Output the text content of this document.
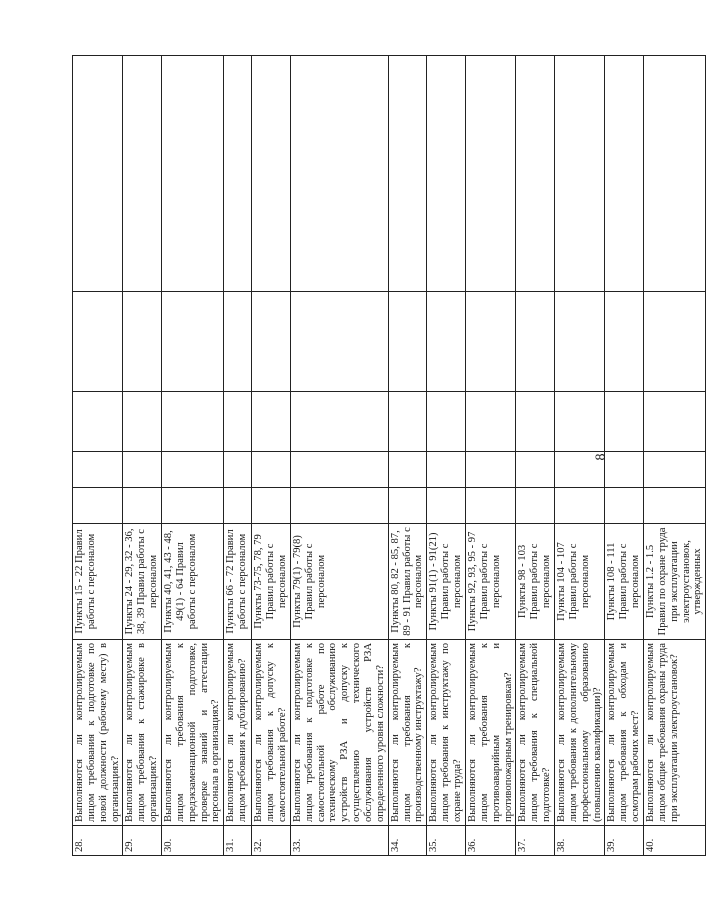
8
28.	Выполняются ли контролируемым лицом требования к подготовке по новой должности (рабочему месту) в организациях?	Пункты 15 - 22 Правил работы с персоналом					
29.	Выполняются ли контролируемым лицом требования к стажировке в организациях?	Пункты 24 - 29, 32 - 36, 38, 39 Правил работы с персоналом					
30.	Выполняются ли контролируемым лицом требования к предэкзаменационной подготовке, проверке знаний и аттестации персонала в организациях?	Пункты 40, 41, 43 - 48, 49(1) - 64 Правил работы с персоналом					
31.	Выполняются ли контролируемым лицом требования к дублированию?	Пункты 66 - 72 Правил работы с персоналом					
32.	Выполняются ли контролируемым лицом требования к допуску к самостоятельной работе?	Пункты 73-75, 78, 79 Правил работы с персоналом					
33.	Выполняются ли контролируемым лицом требования к подготовке к самостоятельной работе по техническому обслуживанию устройств РЗА и допуску к осуществлению технического обслуживания устройств РЗА определенного уровня сложности?	Пункты 79(1) - 79(8) Правил работы с персоналом					
34.	Выполняются ли контролируемым лицом требования к производственному инструктажу?	Пункты 80, 82 - 85, 87, 89 - 91 Правил работы с персоналом					
35.	Выполняются ли контролируемым лицом требования к инструктажу по охране труда?	Пункты 91(1) - 91(21) Правил работы с персоналом					
36.	Выполняются ли контролируемым лицом требования к противоаварийным и противопожарным тренировкам?	Пункты 92, 93, 95 - 97 Правил работы с персоналом					
37.	Выполняются ли контролируемым лицом требования к специальной подготовке?	Пункты 98 - 103 Правил работы с персоналом					
38.	Выполняются ли контролируемым лицом требования к дополнительному профессиональному образованию (повышению квалификации)?	Пункты 104 - 107 Правил работы с персоналом					
39.	Выполняются ли контролируемым лицом требования к обходам и осмотрам рабочих мест?	Пункты 108 - 111 Правил работы с персоналом					
40.	Выполняются ли контролируемым лицом общие требования охраны труда при эксплуатации электроустановок?	Пункты 1.2 - 1.5 Правил по охране труда при эксплуатации электроустановок, утвержденных					
